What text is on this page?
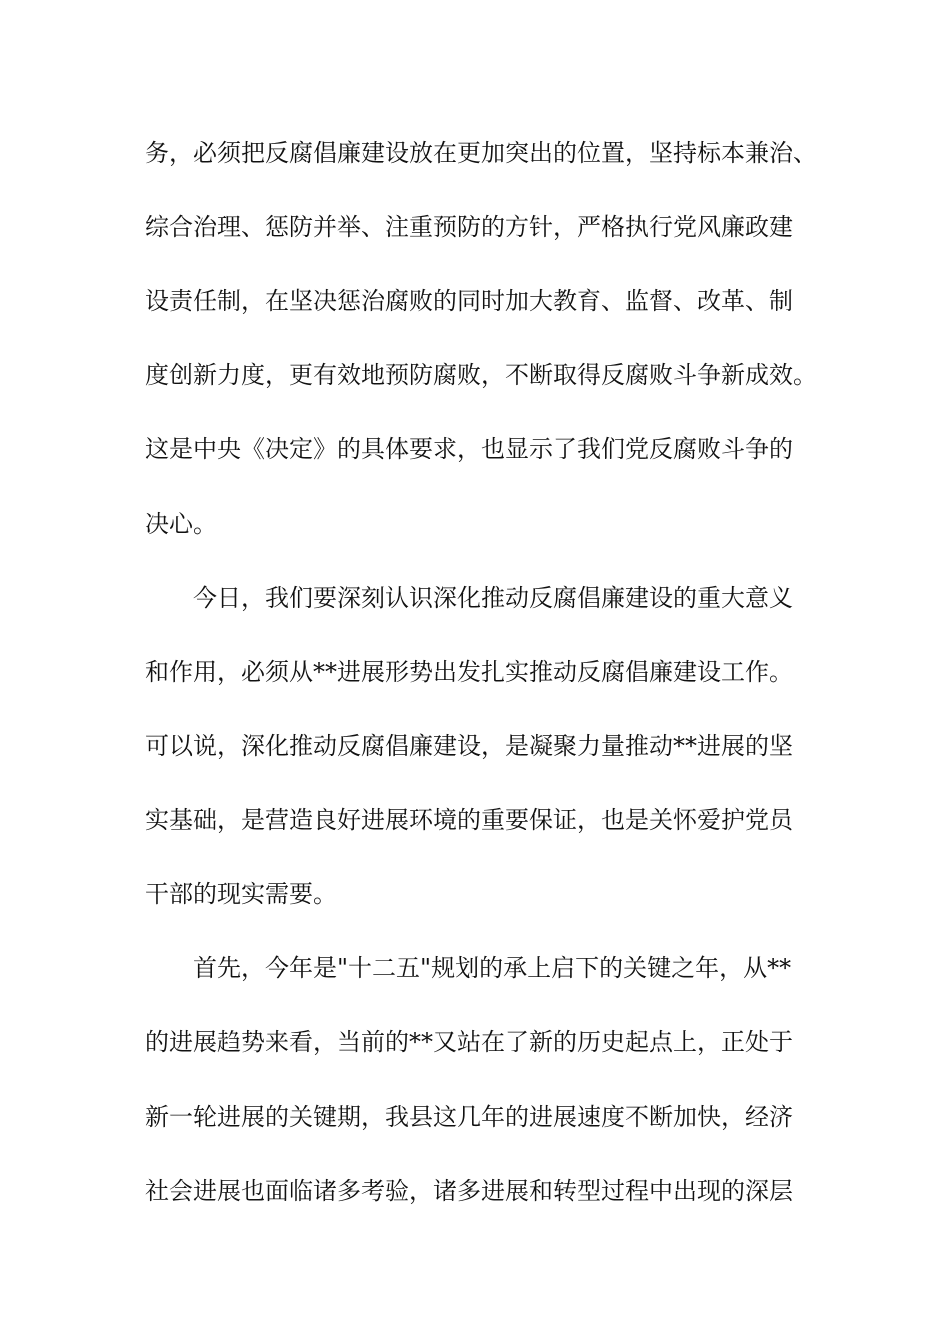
务，必须把反腐倡廉建设放在更加突出的位置，坚持标本兼治、
综合治理、惩防并举、注重预防的方针，严格执行党风廉政建
设责任制，在坚决惩治腐败的同时加大教育、监督、改革、制
度创新力度，更有效地预防腐败，不断取得反腐败斗争新成效。
这是中央《决定》的具体要求，也显示了我们党反腐败斗争的
决心。
今日，我们要深刻认识深化推动反腐倡廉建设的重大意义
和作用，必须从**进展形势出发扎实推动反腐倡廉建设工作。
可以说，深化推动反腐倡廉建设，是凝聚力量推动**进展的坚
实基础，是营造良好进展环境的重要保证，也是关怀爱护党员
干部的现实需要。
首先，今年是"十二五"规划的承上启下的关键之年，从**
的进展趋势来看，当前的**又站在了新的历史起点上，正处于
新一轮进展的关键期，我县这几年的进展速度不断加快，经济
社会进展也面临诸多考验，诸多进展和转型过程中出现的深层
